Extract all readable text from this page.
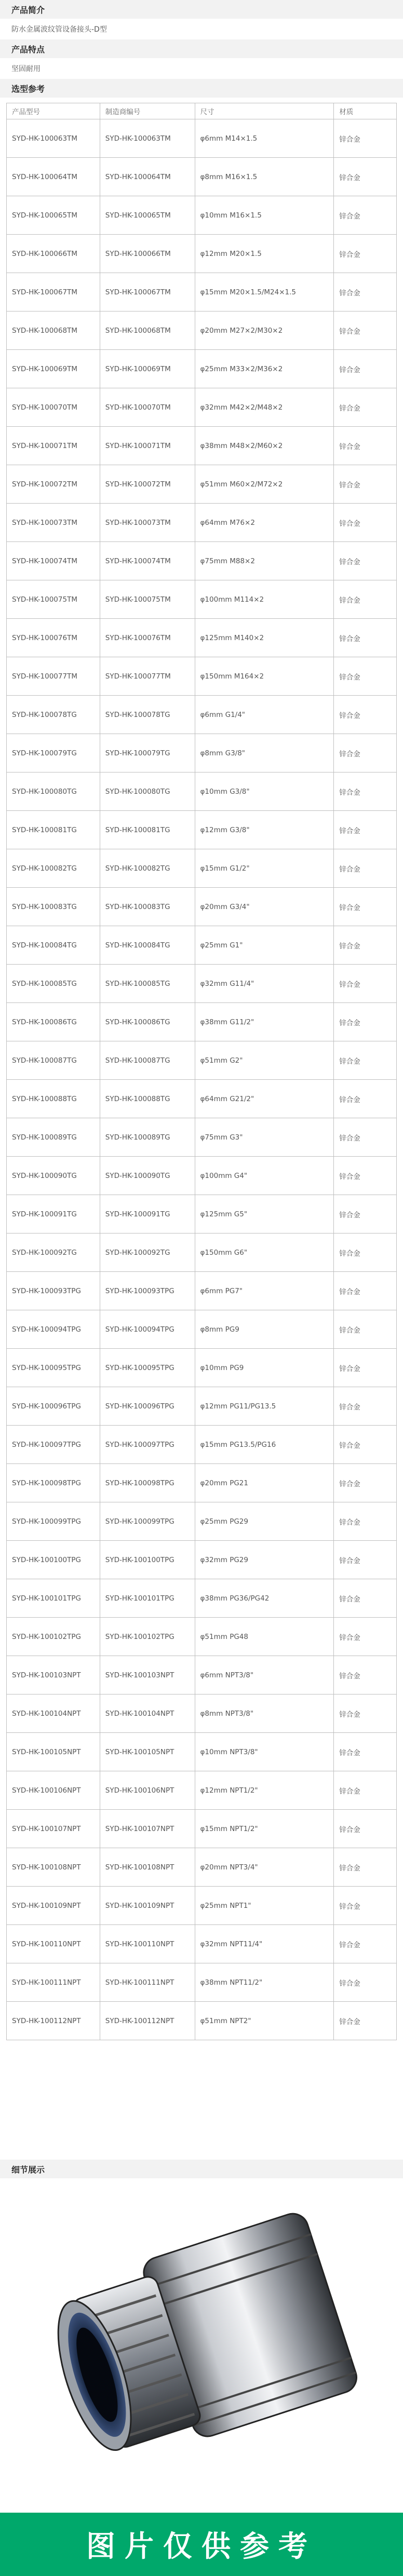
产品简介
防水金属波纹管设备接头-D型
产品特点
坚固耐用
选型参考
产品型号	制造商编号	尺寸	材质
SYD-HK-100063TM	SYD-HK-100063TM	φ6mm M14×1.5	锌合金
SYD-HK-100064TM	SYD-HK-100064TM	φ8mm M16×1.5	锌合金
SYD-HK-100065TM	SYD-HK-100065TM	φ10mm M16×1.5	锌合金
SYD-HK-100066TM	SYD-HK-100066TM	φ12mm M20×1.5	锌合金
SYD-HK-100067TM	SYD-HK-100067TM	φ15mm M20×1.5/M24×1.5	锌合金
SYD-HK-100068TM	SYD-HK-100068TM	φ20mm M27×2/M30×2	锌合金
SYD-HK-100069TM	SYD-HK-100069TM	φ25mm M33×2/M36×2	锌合金
SYD-HK-100070TM	SYD-HK-100070TM	φ32mm M42×2/M48×2	锌合金
SYD-HK-100071TM	SYD-HK-100071TM	φ38mm M48×2/M60×2	锌合金
SYD-HK-100072TM	SYD-HK-100072TM	φ51mm M60×2/M72×2	锌合金
SYD-HK-100073TM	SYD-HK-100073TM	φ64mm M76×2	锌合金
SYD-HK-100074TM	SYD-HK-100074TM	φ75mm M88×2	锌合金
SYD-HK-100075TM	SYD-HK-100075TM	φ100mm M114×2	锌合金
SYD-HK-100076TM	SYD-HK-100076TM	φ125mm M140×2	锌合金
SYD-HK-100077TM	SYD-HK-100077TM	φ150mm M164×2	锌合金
SYD-HK-100078TG	SYD-HK-100078TG	φ6mm G1/4"	锌合金
SYD-HK-100079TG	SYD-HK-100079TG	φ8mm G3/8"	锌合金
SYD-HK-100080TG	SYD-HK-100080TG	φ10mm G3/8"	锌合金
SYD-HK-100081TG	SYD-HK-100081TG	φ12mm G3/8"	锌合金
SYD-HK-100082TG	SYD-HK-100082TG	φ15mm G1/2"	锌合金
SYD-HK-100083TG	SYD-HK-100083TG	φ20mm G3/4"	锌合金
SYD-HK-100084TG	SYD-HK-100084TG	φ25mm G1"	锌合金
SYD-HK-100085TG	SYD-HK-100085TG	φ32mm G11/4"	锌合金
SYD-HK-100086TG	SYD-HK-100086TG	φ38mm G11/2"	锌合金
SYD-HK-100087TG	SYD-HK-100087TG	φ51mm G2"	锌合金
SYD-HK-100088TG	SYD-HK-100088TG	φ64mm G21/2"	锌合金
SYD-HK-100089TG	SYD-HK-100089TG	φ75mm G3"	锌合金
SYD-HK-100090TG	SYD-HK-100090TG	φ100mm G4"	锌合金
SYD-HK-100091TG	SYD-HK-100091TG	φ125mm G5"	锌合金
SYD-HK-100092TG	SYD-HK-100092TG	φ150mm G6"	锌合金
SYD-HK-100093TPG	SYD-HK-100093TPG	φ6mm PG7"	锌合金
SYD-HK-100094TPG	SYD-HK-100094TPG	φ8mm PG9	锌合金
SYD-HK-100095TPG	SYD-HK-100095TPG	φ10mm PG9	锌合金
SYD-HK-100096TPG	SYD-HK-100096TPG	φ12mm PG11/PG13.5	锌合金
SYD-HK-100097TPG	SYD-HK-100097TPG	φ15mm PG13.5/PG16	锌合金
SYD-HK-100098TPG	SYD-HK-100098TPG	φ20mm PG21	锌合金
SYD-HK-100099TPG	SYD-HK-100099TPG	φ25mm PG29	锌合金
SYD-HK-100100TPG	SYD-HK-100100TPG	φ32mm PG29	锌合金
SYD-HK-100101TPG	SYD-HK-100101TPG	φ38mm PG36/PG42	锌合金
SYD-HK-100102TPG	SYD-HK-100102TPG	φ51mm PG48	锌合金
SYD-HK-100103NPT	SYD-HK-100103NPT	φ6mm NPT3/8"	锌合金
SYD-HK-100104NPT	SYD-HK-100104NPT	φ8mm NPT3/8"	锌合金
SYD-HK-100105NPT	SYD-HK-100105NPT	φ10mm NPT3/8"	锌合金
SYD-HK-100106NPT	SYD-HK-100106NPT	φ12mm NPT1/2"	锌合金
SYD-HK-100107NPT	SYD-HK-100107NPT	φ15mm NPT1/2"	锌合金
SYD-HK-100108NPT	SYD-HK-100108NPT	φ20mm NPT3/4"	锌合金
SYD-HK-100109NPT	SYD-HK-100109NPT	φ25mm NPT1"	锌合金
SYD-HK-100110NPT	SYD-HK-100110NPT	φ32mm NPT11/4"	锌合金
SYD-HK-100111NPT	SYD-HK-100111NPT	φ38mm NPT11/2"	锌合金
SYD-HK-100112NPT	SYD-HK-100112NPT	φ51mm NPT2"	锌合金
细节展示
图片仅供参考
